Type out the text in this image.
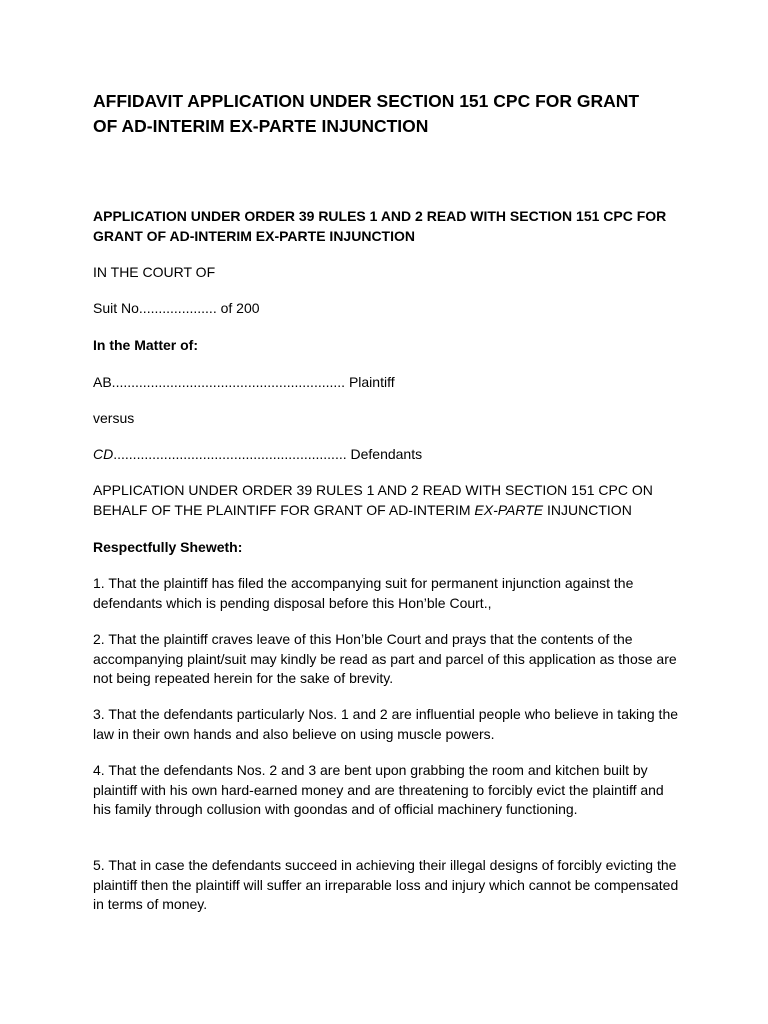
AFFIDAVIT APPLICATION UNDER SECTION 151 CPC FOR GRANT OF AD-INTERIM EX-PARTE INJUNCTION
APPLICATION UNDER ORDER 39 RULES 1 AND 2 READ WITH SECTION 151 CPC FOR GRANT OF AD-INTERIM EX-PARTE INJUNCTION

IN THE COURT OF

Suit No.................... of 200

In the Matter of:

AB............................................................ Plaintiff

versus

CD............................................................ Defendants

APPLICATION UNDER ORDER 39 RULES 1 AND 2 READ WITH SECTION 151 CPC ON BEHALF OF THE PLAINTIFF FOR GRANT OF AD-INTERIM EX-PARTE INJUNCTION

Respectfully Sheweth:

1. That the plaintiff has filed the accompanying suit for permanent injunction against the defendants which is pending disposal before this Hon’ble Court.,

2. That the plaintiff craves leave of this Hon’ble Court and prays that the contents of the accompanying plaint/suit may kindly be read as part and parcel of this application as those are not being repeated herein for the sake of brevity.

3. That the defendants particularly Nos. 1 and 2 are influential people who believe in taking the law in their own hands and also believe on using muscle powers.

4. That the defendants Nos. 2 and 3 are bent upon grabbing the room and kitchen built by plaintiff with his own hard-earned money and are threatening to forcibly evict the plaintiff and his family through collusion with goondas and of official machinery functioning.

5. That in case the defendants succeed in achieving their illegal designs of forcibly evicting the plaintiff then the plaintiff will suffer an irreparable loss and injury which cannot be compensated in terms of money.
